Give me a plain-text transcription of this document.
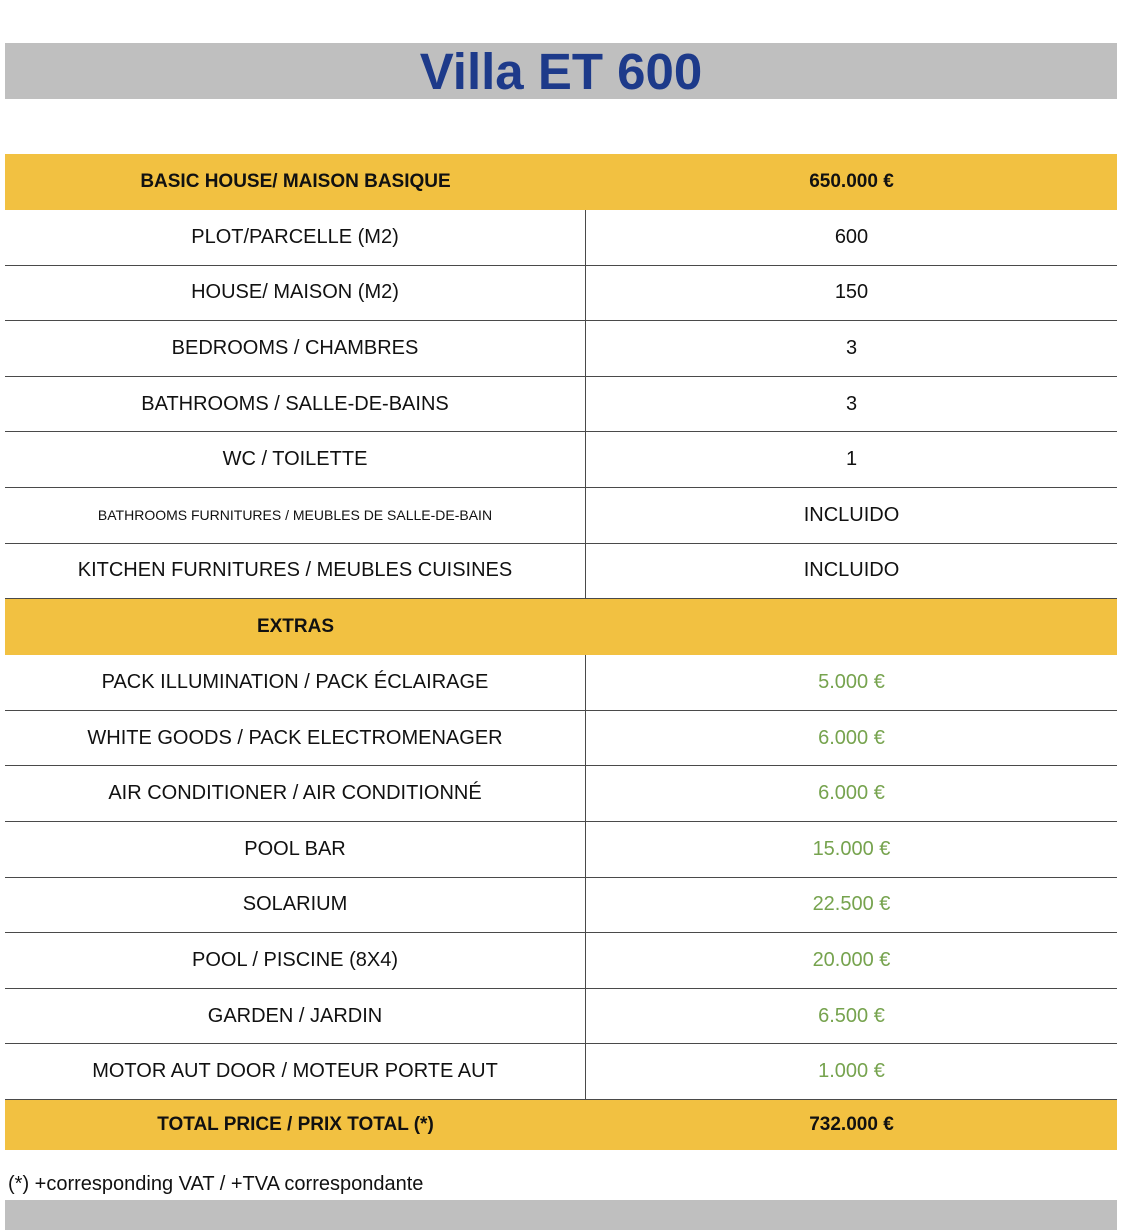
Villa ET 600
BASIC HOUSE/ MAISON BASIQUE	650.000 €
PLOT/PARCELLE (M2)	600
HOUSE/ MAISON (M2)	150
BEDROOMS / CHAMBRES	3
BATHROOMS / SALLE-DE-BAINS	3
WC / TOILETTE	1
BATHROOMS FURNITURES / MEUBLES DE SALLE-DE-BAIN	INCLUIDO
KITCHEN FURNITURES / MEUBLES CUISINES	INCLUIDO
EXTRAS
PACK ILLUMINATION / PACK ÉCLAIRAGE	5.000 €
WHITE GOODS / PACK ELECTROMENAGER	6.000 €
AIR CONDITIONER / AIR CONDITIONNÉ	6.000 €
POOL BAR	15.000 €
SOLARIUM	22.500 €
POOL / PISCINE (8X4)	20.000 €
GARDEN / JARDIN	6.500 €
MOTOR AUT DOOR / MOTEUR PORTE AUT	1.000 €
TOTAL PRICE / PRIX TOTAL (*)	732.000 €
(*) +corresponding VAT / +TVA correspondante
